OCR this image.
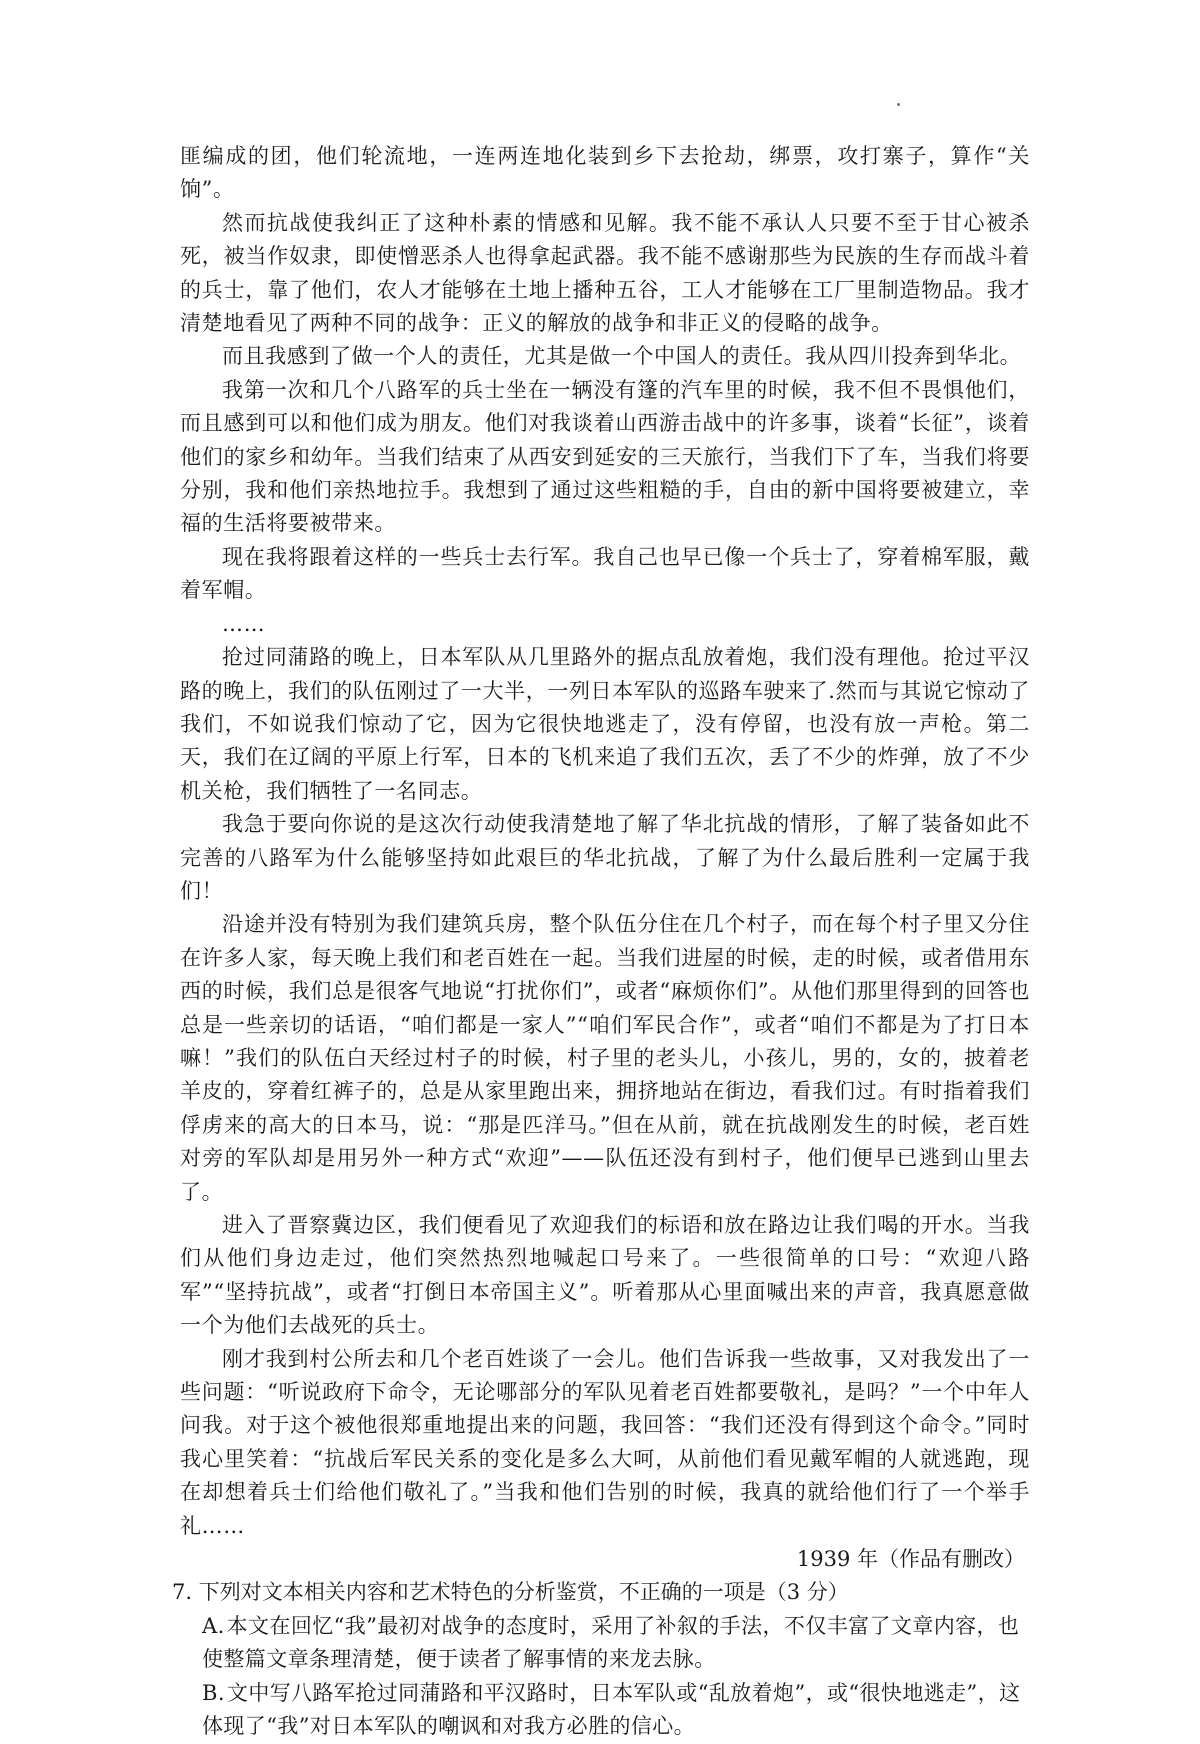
匪编成的团，他们轮流地，一连两连地化装到乡下去抢劫，绑票，攻打寨子，算作“关饷”。

然而抗战使我纠正了这种朴素的情感和见解。我不能不承认人只要不至于甘心被杀死，被当作奴隶，即使憎恶杀人也得拿起武器。我不能不感谢那些为民族的生存而战斗着的兵士，靠了他们，农人才能够在土地上播种五谷，工人才能够在工厂里制造物品。我才清楚地看见了两种不同的战争：正义的解放的战争和非正义的侵略的战争。

而且我感到了做一个人的责任，尤其是做一个中国人的责任。我从四川投奔到华北。

我第一次和几个八路军的兵士坐在一辆没有篷的汽车里的时候，我不但不畏惧他们，而且感到可以和他们成为朋友。他们对我谈着山西游击战中的许多事，谈着“长征”，谈着他们的家乡和幼年。当我们结束了从西安到延安的三天旅行，当我们下了车，当我们将要分别，我和他们亲热地拉手。我想到了通过这些粗糙的手，自由的新中国将要被建立，幸福的生活将要被带来。

现在我将跟着这样的一些兵士去行军。我自己也早已像一个兵士了，穿着棉军服，戴着军帽。

……

抢过同蒲路的晚上，日本军队从几里路外的据点乱放着炮，我们没有理他。抢过平汉路的晚上，我们的队伍刚过了一大半，一列日本军队的巡路车驶来了.然而与其说它惊动了我们，不如说我们惊动了它，因为它很快地逃走了，没有停留，也没有放一声枪。第二天，我们在辽阔的平原上行军，日本的飞机来追了我们五次，丢了不少的炸弹，放了不少机关枪，我们牺牲了一名同志。

我急于要向你说的是这次行动使我清楚地了解了华北抗战的情形，了解了装备如此不完善的八路军为什么能够坚持如此艰巨的华北抗战，了解了为什么最后胜利一定属于我们！

沿途并没有特别为我们建筑兵房，整个队伍分住在几个村子，而在每个村子里又分住在许多人家，每天晚上我们和老百姓在一起。当我们进屋的时候，走的时候，或者借用东西的时候，我们总是很客气地说“打扰你们”，或者“麻烦你们”。从他们那里得到的回答也总是一些亲切的话语，“咱们都是一家人”“咱们军民合作”，或者“咱们不都是为了打日本嘛！”我们的队伍白天经过村子的时候，村子里的老头儿，小孩儿，男的，女的，披着老羊皮的，穿着红裤子的，总是从家里跑出来，拥挤地站在街边，看我们过。有时指着我们俘虏来的高大的日本马，说：“那是匹洋马。”但在从前，就在抗战刚发生的时候，老百姓对旁的军队却是用另外一种方式“欢迎”——队伍还没有到村子，他们便早已逃到山里去了。

进入了晋察冀边区，我们便看见了欢迎我们的标语和放在路边让我们喝的开水。当我们从他们身边走过，他们突然热烈地喊起口号来了。一些很简单的口号：“欢迎八路军”“坚持抗战”，或者“打倒日本帝国主义”。听着那从心里面喊出来的声音，我真愿意做一个为他们去战死的兵士。

刚才我到村公所去和几个老百姓谈了一会儿。他们告诉我一些故事，又对我发出了一些问题：“听说政府下命令，无论哪部分的军队见着老百姓都要敬礼，是吗？”一个中年人问我。对于这个被他很郑重地提出来的问题，我回答：“我们还没有得到这个命令。”同时我心里笑着：“抗战后军民关系的变化是多么大呵，从前他们看见戴军帽的人就逃跑，现在却想着兵士们给他们敬礼了。”当我和他们告别的时候，我真的就给他们行了一个举手礼……

1939 年（作品有删改）

7. 下列对文本相关内容和艺术特色的分析鉴赏，不正确的一项是（3 分）

A.本文在回忆“我”最初对战争的态度时，采用了补叙的手法，不仅丰富了文章内容，也

使整篇文章条理清楚，便于读者了解事情的来龙去脉。

B.文中写八路军抢过同蒲路和平汉路时，日本军队或“乱放着炮”，或“很快地逃走”，这

体现了“我”对日本军队的嘲讽和对我方必胜的信心。
